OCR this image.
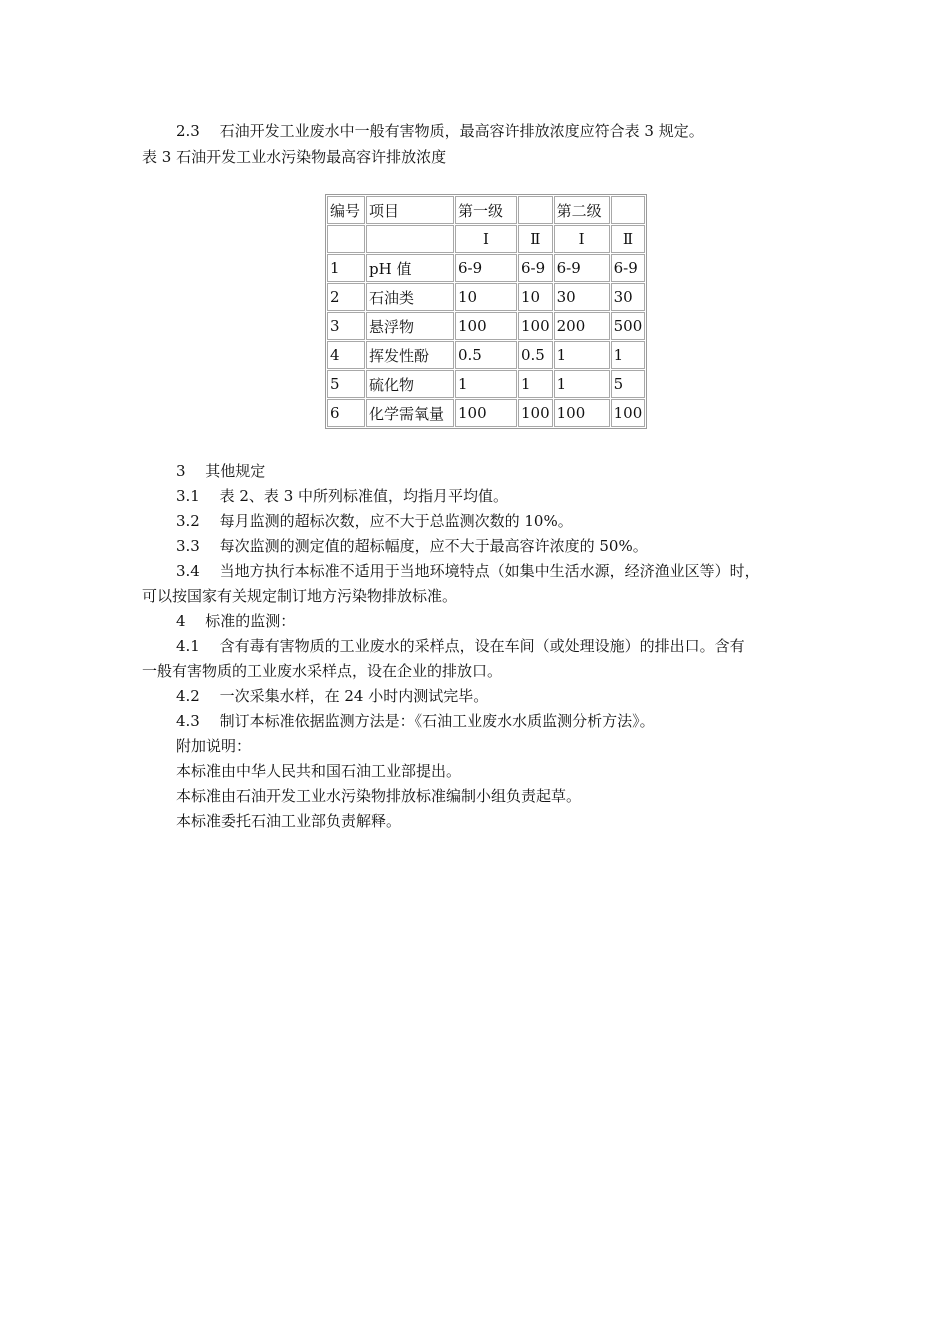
2.3　 石油开发工业废水中一般有害物质，最高容许排放浓度应符合表 3 规定。
表 3 石油开发工业水污染物最高容许排放浓度
编号	项目	第一级		第二级	
		Ⅰ	Ⅱ	Ⅰ	Ⅱ
1	pH 值	6-9	6-9	6-9	6-9
2	石油类	10	10	30	30
3	悬浮物	100	100	200	500
4	挥发性酚	0.5	0.5	1	1
5	硫化物	1	1	1	5
6	化学需氧量	100	100	100	100
3　 其他规定
3.1　 表 2、表 3 中所列标准值，均指月平均值。
3.2　 每月监测的超标次数，应不大于总监测次数的 10%。
3.3　 每次监测的测定值的超标幅度，应不大于最高容许浓度的 50%。
3.4　 当地方执行本标准不适用于当地环境特点（如集中生活水源，经济渔业区等）时，
可以按国家有关规定制订地方污染物排放标准。
4　 标准的监测：
4.1　 含有毒有害物质的工业废水的采样点，设在车间（或处理设施）的排出口。含有
一般有害物质的工业废水采样点，设在企业的排放口。
4.2　 一次采集水样，在 24 小时内测试完毕。
4.3　 制订本标准依据监测方法是：《石油工业废水水质监测分析方法》。
附加说明：
本标准由中华人民共和国石油工业部提出。
本标准由石油开发工业水污染物排放标准编制小组负责起草。
本标准委托石油工业部负责解释。
